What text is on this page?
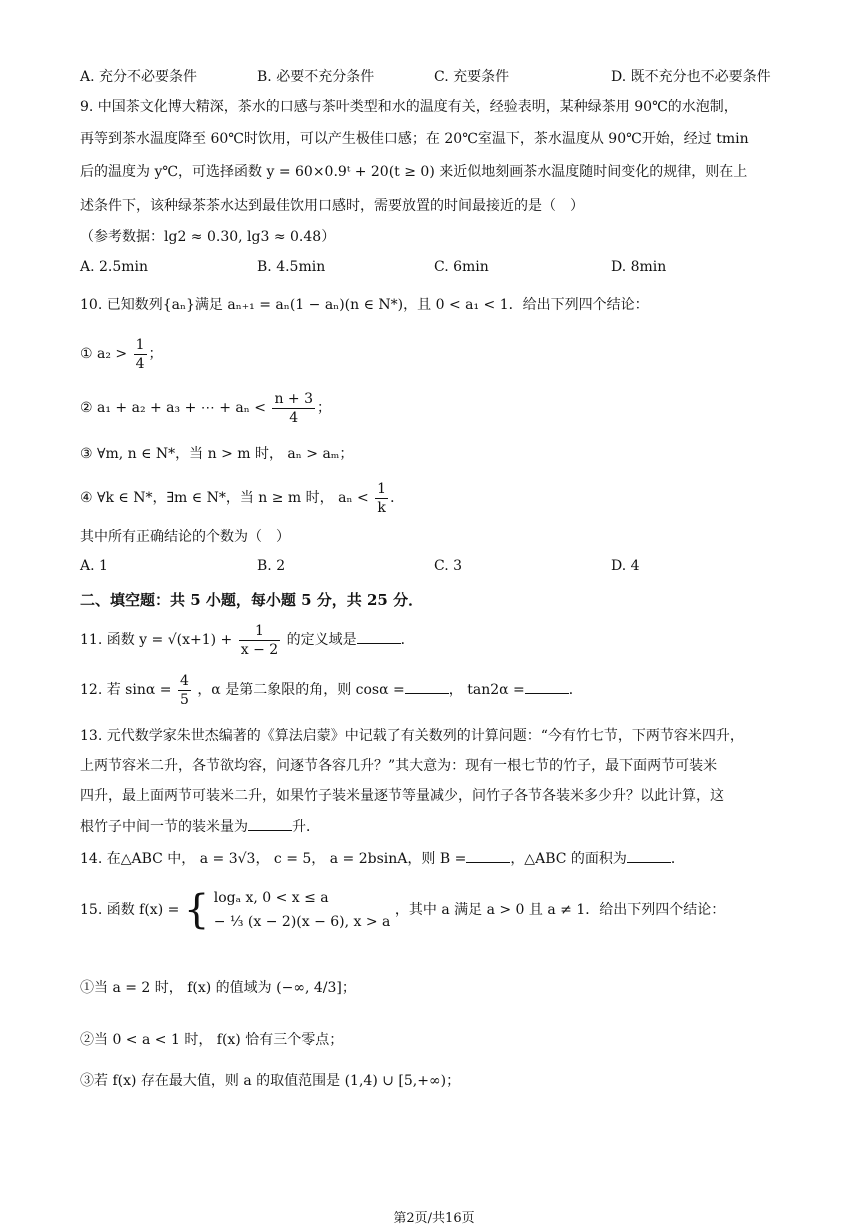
A. 充分不必要条件	B. 必要不充分条件	C. 充要条件	D. 既不充分也不必要条件
9. 中国茶文化博大精深，茶水的口感与茶叶类型和水的温度有关，经验表明，某种绿茶用 90℃的水泡制，
再等到茶水温度降至 60℃时饮用，可以产生极佳口感；在 20℃室温下，茶水温度从 90℃开始，经过 tmin
后的温度为 y℃，可选择函数 y = 60×0.9ᵗ + 20(t ≥ 0) 来近似地刻画茶水温度随时间变化的规律，则在上
述条件下，该种绿茶茶水达到最佳饮用口感时，需要放置的时间最接近的是（　）
（参考数据：lg2 ≈ 0.30, lg3 ≈ 0.48）
A. 2.5min	B. 4.5min	C. 6min	D. 8min
10. 已知数列{aₙ}满足 aₙ₊₁ = aₙ(1 − aₙ)(n ∈ N*)，且 0 < a₁ < 1．给出下列四个结论：
① $a_2 > \frac{1}{4}$ ；
② a₁ + a₂ + a₃ + ⋯ + $a_n < \frac{n + 3}{4}$ ；
③ ∀m, n ∈ N*，当 n > m 时， aₙ > aₘ；
④ ∀k ∈ N*，∃m ∈ N*，当 n ≥ m 时， $a_n < \frac{1}{k}$ ．
其中所有正确结论的个数为（　）
A. 1	B. 2	C. 3	D. 4
二、填空题：共 5 小题，每小题 5 分，共 25 分．
11. 函数 $y = √(x+1) + \frac{1}{x - 2}$ 的定义域是	．
12. 若 $\sin\alpha = \frac{4}{5}$ ，α 是第二象限的角，则 cosα =	， tan2α =	．
13. 元代数学家朱世杰编著的《算法启蒙》中记载了有关数列的计算问题：“今有竹七节，下两节容米四升，
上两节容米二升，各节欲均容，问逐节各容几升？”其大意为：现有一根七节的竹子，最下面两节可装米
四升，最上面两节可装米二升，如果竹子装米量逐节等量减少，问竹子各节各装米多少升？以此计算，这
根竹子中间一节的装米量为	升．
14. 在△ABC 中， a = 3√3， c = 5， a = 2bsinA，则 B =	，△ABC 的面积为	．
15. 函数 f(x) = { logₐ x, 0 < x ≤ a
− ⅓ (x − 2)(x − 6), x > a
，其中 a 满足 a > 0 且 a ≠ 1．给出下列四个结论：
①当 a = 2 时， f(x) 的值域为 (−∞, 4/3]；
②当 0 < a < 1 时， f(x) 恰有三个零点；
③若 f(x) 存在最大值，则 a 的取值范围是 (1,4) ∪ [5,+∞)；
第2页/共16页
